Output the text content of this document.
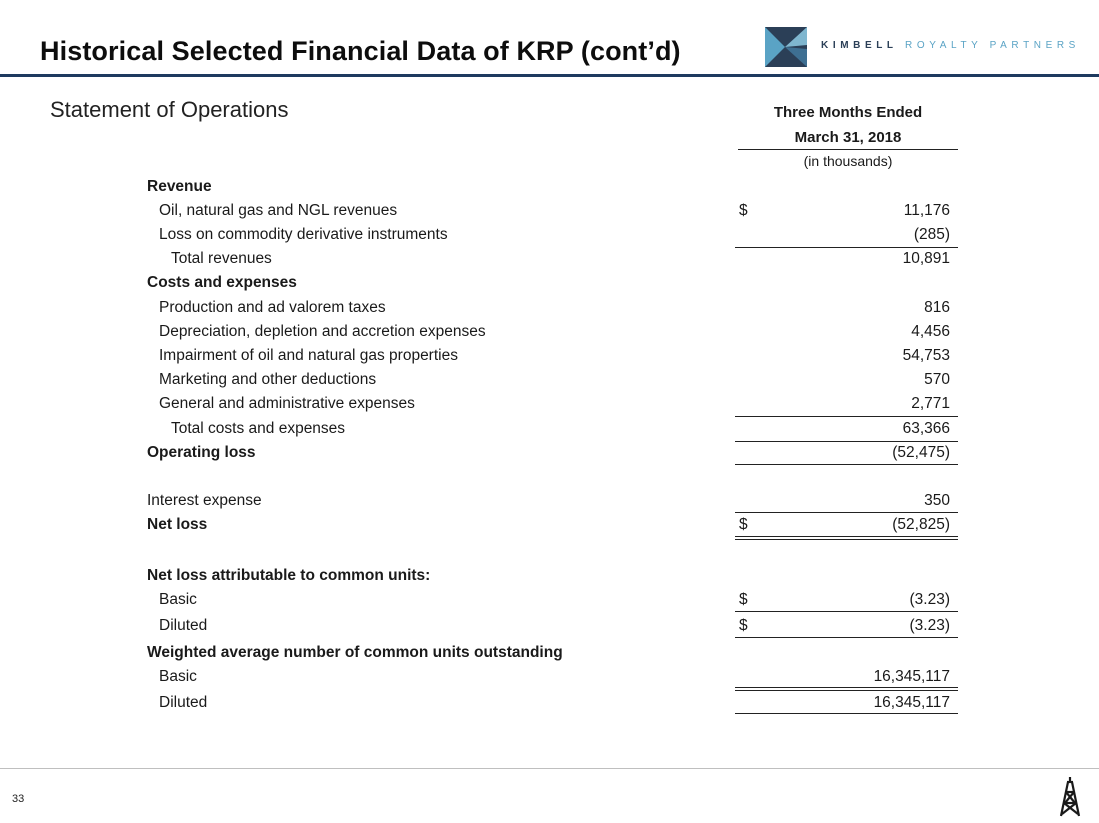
Historical Selected Financial Data of KRP (cont’d)	KIMBELL ROYALTY PARTNERS
Statement of Operations	Three Months Ended
March 31, 2018
(in thousands)
Revenue
Oil, natural gas and NGL revenues	$	11,176
Loss on commodity derivative instruments	(285)
Total revenues	10,891
Costs and expenses
Production and ad valorem taxes	816
Depreciation, depletion and accretion expenses	4,456
Impairment of oil and natural gas properties	54,753
Marketing and other deductions	570
General and administrative expenses	2,771
Total costs and expenses	63,366
Operating loss	(52,475)
Interest expense	350
Net loss	$	(52,825)
Net loss attributable to common units:
Basic	$	(3.23)
Diluted	$	(3.23)
Weighted average number of common units outstanding
Basic	16,345,117
Diluted	16,345,117
33
